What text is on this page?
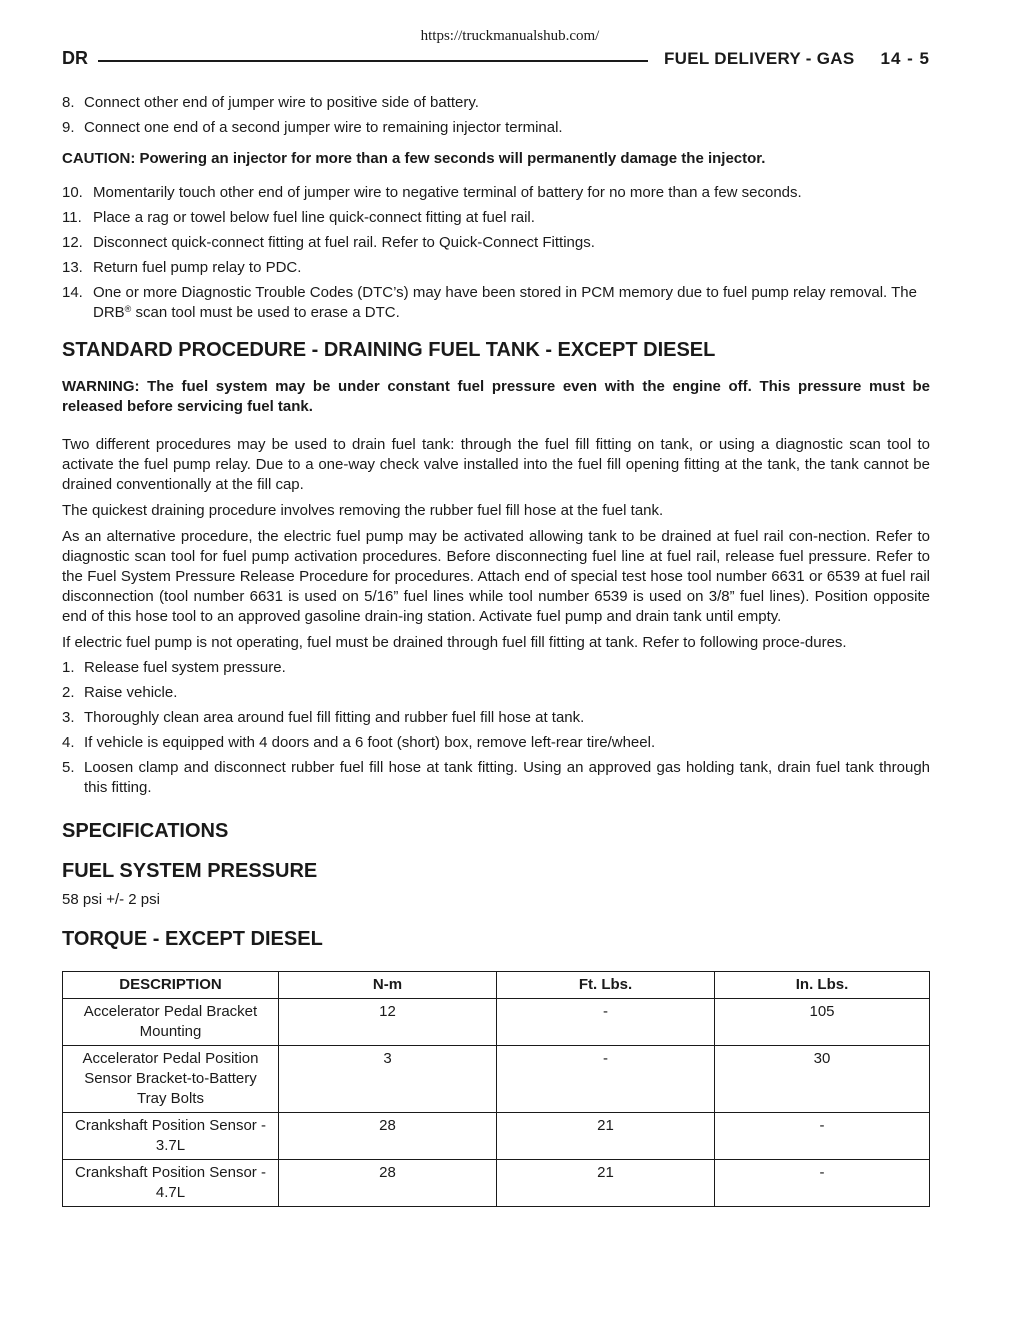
https://truckmanualshub.com/
DR	FUEL DELIVERY - GAS 14 - 5
8. Connect other end of jumper wire to positive side of battery.
9. Connect one end of a second jumper wire to remaining injector terminal.
CAUTION: Powering an injector for more than a few seconds will permanently damage the injector.
10. Momentarily touch other end of jumper wire to negative terminal of battery for no more than a few seconds.
11. Place a rag or towel below fuel line quick-connect fitting at fuel rail.
12. Disconnect quick-connect fitting at fuel rail. Refer to Quick-Connect Fittings.
13. Return fuel pump relay to PDC.
14. One or more Diagnostic Trouble Codes (DTC’s) may have been stored in PCM memory due to fuel pump relay removal. The DRB® scan tool must be used to erase a DTC.
STANDARD PROCEDURE - DRAINING FUEL TANK - EXCEPT DIESEL
WARNING: The fuel system may be under constant fuel pressure even with the engine off. This pressure must be released before servicing fuel tank.

Two different procedures may be used to drain fuel tank: through the fuel fill fitting on tank, or using a diagnostic scan tool to activate the fuel pump relay. Due to a one-way check valve installed into the fuel fill opening fitting at the tank, the tank cannot be drained conventionally at the fill cap.

The quickest draining procedure involves removing the rubber fuel fill hose at the fuel tank.

As an alternative procedure, the electric fuel pump may be activated allowing tank to be drained at fuel rail con-nection. Refer to diagnostic scan tool for fuel pump activation procedures. Before disconnecting fuel line at fuel rail, release fuel pressure. Refer to the Fuel System Pressure Release Procedure for procedures. Attach end of special test hose tool number 6631 or 6539 at fuel rail disconnection (tool number 6631 is used on 5/16” fuel lines while tool number 6539 is used on 3/8” fuel lines). Position opposite end of this hose tool to an approved gasoline drain-ing station. Activate fuel pump and drain tank until empty.

If electric fuel pump is not operating, fuel must be drained through fuel fill fitting at tank. Refer to following proce-dures.

1. Release fuel system pressure.
2. Raise vehicle.
3. Thoroughly clean area around fuel fill fitting and rubber fuel fill hose at tank.
4. If vehicle is equipped with 4 doors and a 6 foot (short) box, remove left-rear tire/wheel.
5. Loosen clamp and disconnect rubber fuel fill hose at tank fitting. Using an approved gas holding tank, drain fuel tank through this fitting.
SPECIFICATIONS
FUEL SYSTEM PRESSURE
58 psi +/- 2 psi
TORQUE - EXCEPT DIESEL
DESCRIPTION	N-m	Ft. Lbs.	In. Lbs.
Accelerator Pedal Bracket Mounting	12	-	105
Accelerator Pedal Position Sensor Bracket-to-Battery Tray Bolts	3	-	30
Crankshaft Position Sensor - 3.7L	28	21	-
Crankshaft Position Sensor - 4.7L	28	21	-
